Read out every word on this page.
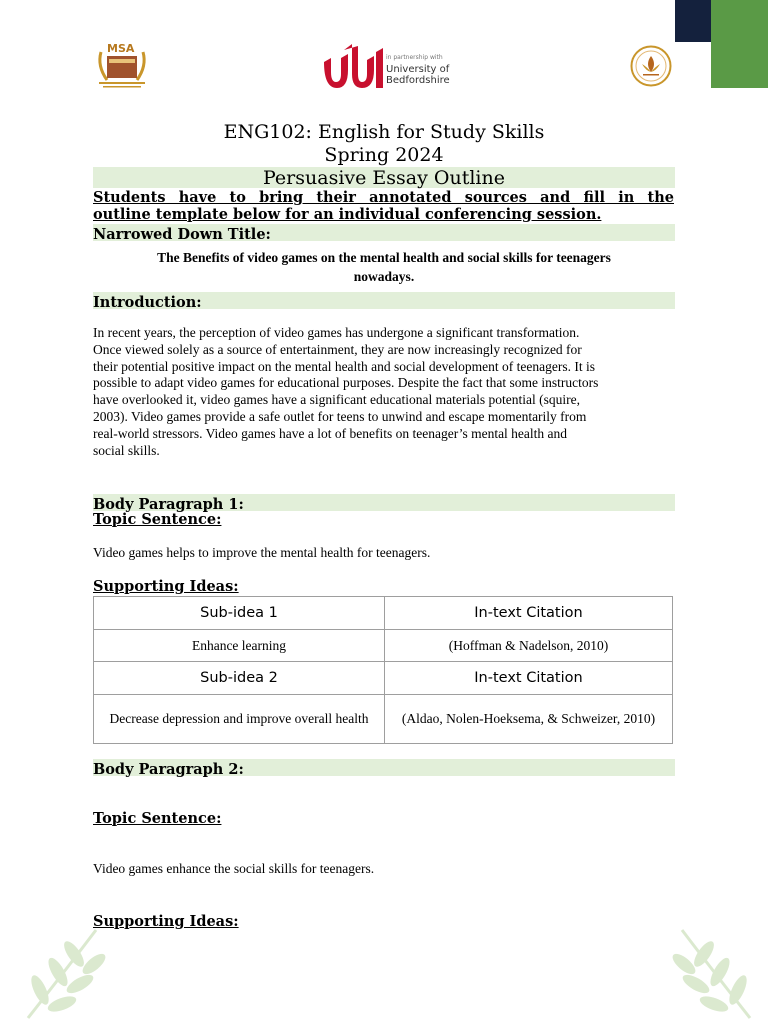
MSA
in partnership with
University of
Bedfordshire
ENG102: English for Study Skills
Spring 2024
Persuasive Essay Outline
Students have to bring their annotated sources and fill in the
outline template below for an individual conferencing session.
Narrowed Down Title:
The Benefits of video games on the mental health and social skills for teenagers
nowadays.
Introduction:
In recent years, the perception of video games has undergone a significant transformation.
Once viewed solely as a source of entertainment, they are now increasingly recognized for
their potential positive impact on the mental health and social development of teenagers. It is
possible to adapt video games for educational purposes. Despite the fact that some instructors
have overlooked it, video games have a significant educational materials potential (squire,
2003). Video games provide a safe outlet for teens to unwind and escape momentarily from
real-world stressors. Video games have a lot of benefits on teenager’s mental health and
social skills.
Body Paragraph 1:
Topic Sentence:
Video games helps to improve the mental health for teenagers.
Supporting Ideas:
Sub-idea 1	In-text Citation
Enhance learning	(Hoffman & Nadelson, 2010)
Sub-idea 2	In-text Citation
Decrease depression and improve overall health	(Aldao, Nolen-Hoeksema, & Schweizer, 2010)
Body Paragraph 2:
Topic Sentence:
Video games enhance the social skills for teenagers.
Supporting Ideas:
